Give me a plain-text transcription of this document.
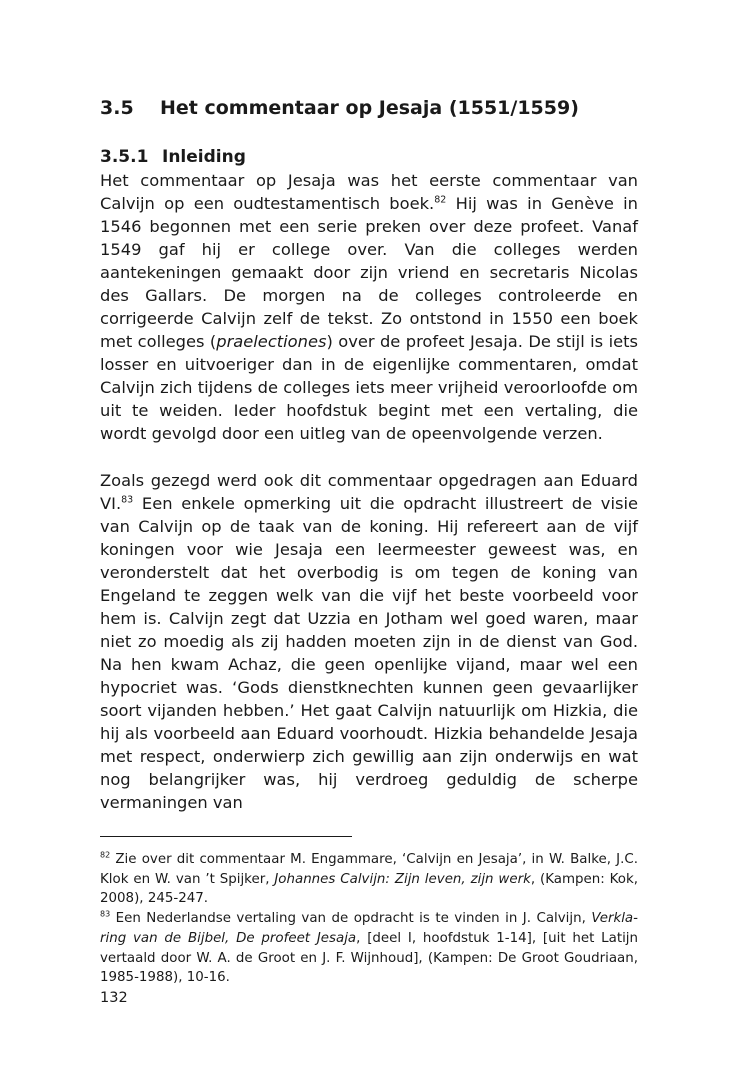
3.5 Het commentaar op Jesaja (1551/1559)
3.5.1 Inleiding

Het commentaar op Jesaja was het eerste commentaar van Calvijn op een oudtestamentisch boek.$^{82}$ Hij was in Genève in 1546 begonnen met een serie preken over deze profeet. Vanaf 1549 gaf hij er college over. Van die colleges werden aantekeningen gemaakt door zijn vriend en secretaris Nicolas des Gallars. De morgen na de colleges controleerde en corrigeerde Calvijn zelf de tekst. Zo ontstond in 1550 een boek met colleges (praelectiones) over de profeet Jesaja. De stijl is iets losser en uitvoeriger dan in de eigenlijke commentaren, omdat Calvijn zich tijdens de colleges iets meer vrijheid veroorloofde om uit te weiden. Ieder hoofdstuk begint met een vertaling, die wordt gevolgd door een uitleg van de opeenvolgende verzen.

Zoals gezegd werd ook dit commentaar opgedragen aan Eduard VI.$^{83}$ Een enkele opmerking uit die opdracht illustreert de visie van Calvijn op de taak van de koning. Hij refereert aan de vijf koningen voor wie Jesaja een leermeester geweest was, en veronderstelt dat het overbodig is om tegen de koning van Engeland te zeggen welk van die vijf het beste voorbeeld voor hem is. Calvijn zegt dat Uzzia en Jotham wel goed waren, maar niet zo moedig als zij hadden moeten zijn in de dienst van God. Na hen kwam Achaz, die geen openlijke vijand, maar wel een hypocriet was. ‘Gods dienstknechten kunnen geen gevaarlijker soort vijanden hebben.’ Het gaat Calvijn natuurlijk om Hizkia, die hij als voorbeeld aan Eduard voorhoudt. Hizkia behandelde Jesaja met respect, onderwierp zich gewillig aan zijn onderwijs en wat nog belangrijker was, hij verdroeg geduldig de scherpe vermaningen van

$^{82}$ Zie over dit commentaar M. Engammare, ‘Calvijn en Jesaja’, in W. Balke, J.C. Klok en W. van ’t Spijker, Johannes Calvijn: Zijn leven, zijn werk, (Kampen: Kok, 2008), 245-247.

$^{83}$ Een Nederlandse vertaling van de opdracht is te vinden in J. Calvijn, Verklaring van de Bijbel, De profeet Jesaja, [deel I, hoofdstuk 1-14], [uit het Latijn vertaald door W. A. de Groot en J. F. Wijnhoud], (Kampen: De Groot Goudriaan, 1985-1988), 10-16.

132
